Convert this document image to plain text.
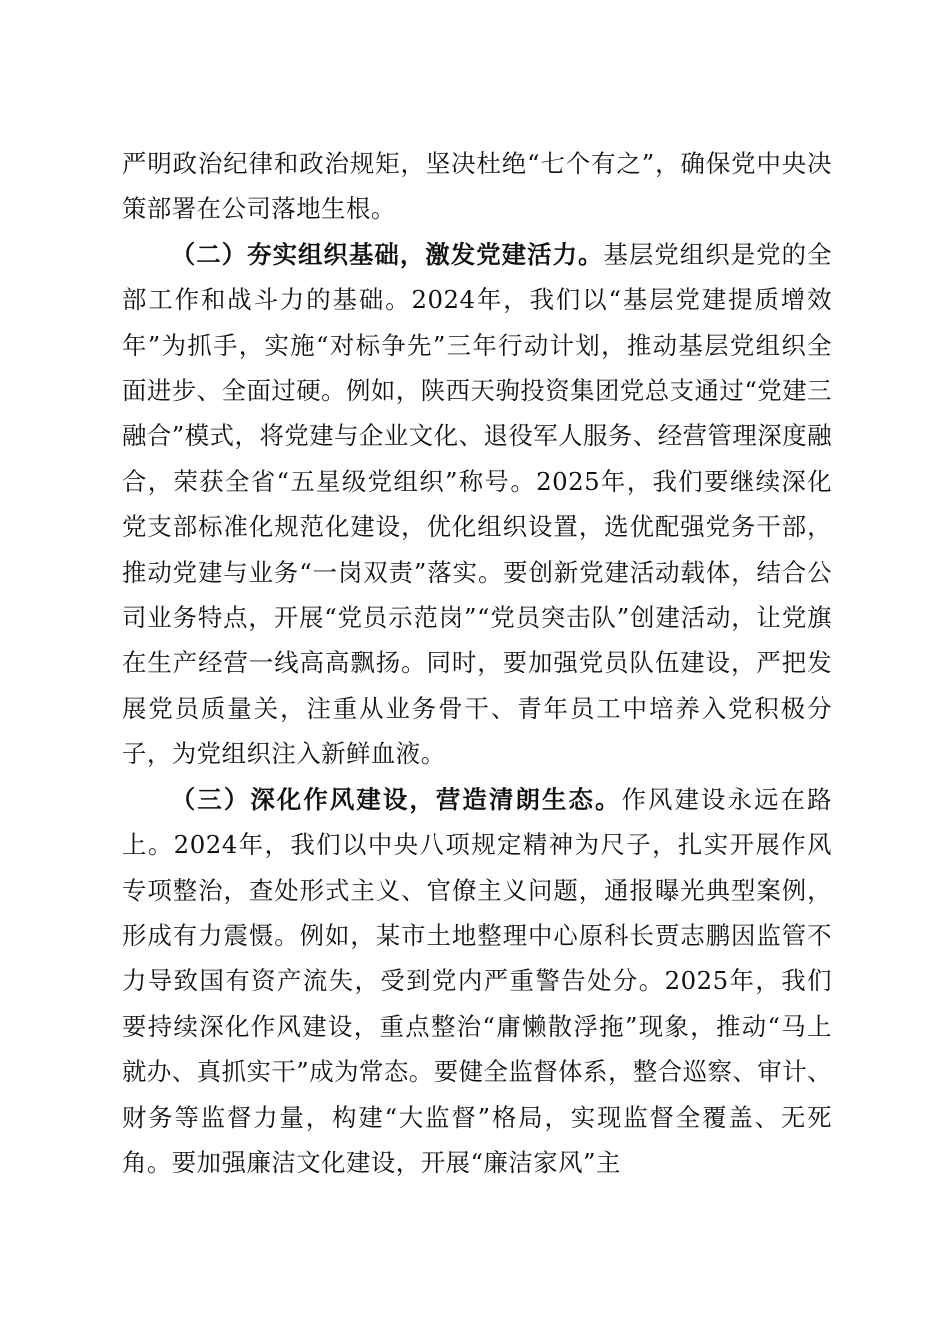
严明政治纪律和政治规矩，坚决杜绝“七个有之”，确保党中央决策部署在公司落地生根。

（二）夯实组织基础，激发党建活力。基层党组织是党的全部工作和战斗力的基础。2024年，我们以“基层党建提质增效年”为抓手，实施“对标争先”三年行动计划，推动基层党组织全面进步、全面过硬。例如，陕西天驹投资集团党总支通过“党建三融合”模式，将党建与企业文化、退役军人服务、经营管理深度融合，荣获全省“五星级党组织”称号。2025年，我们要继续深化党支部标准化规范化建设，优化组织设置，选优配强党务干部，推动党建与业务“一岗双责”落实。要创新党建活动载体，结合公司业务特点，开展“党员示范岗”“党员突击队”创建活动，让党旗在生产经营一线高高飘扬。同时，要加强党员队伍建设，严把发展党员质量关，注重从业务骨干、青年员工中培养入党积极分子，为党组织注入新鲜血液。

（三）深化作风建设，营造清朗生态。作风建设永远在路上。2024年，我们以中央八项规定精神为尺子，扎实开展作风专项整治，查处形式主义、官僚主义问题，通报曝光典型案例，形成有力震慑。例如，某市土地整理中心原科长贾志鹏因监管不力导致国有资产流失，受到党内严重警告处分。2025年，我们要持续深化作风建设，重点整治“庸懒散浮拖”现象，推动“马上就办、真抓实干”成为常态。要健全监督体系，整合巡察、审计、财务等监督力量，构建“大监督”格局，实现监督全覆盖、无死角。要加强廉洁文化建设，开展“廉洁家风”主
